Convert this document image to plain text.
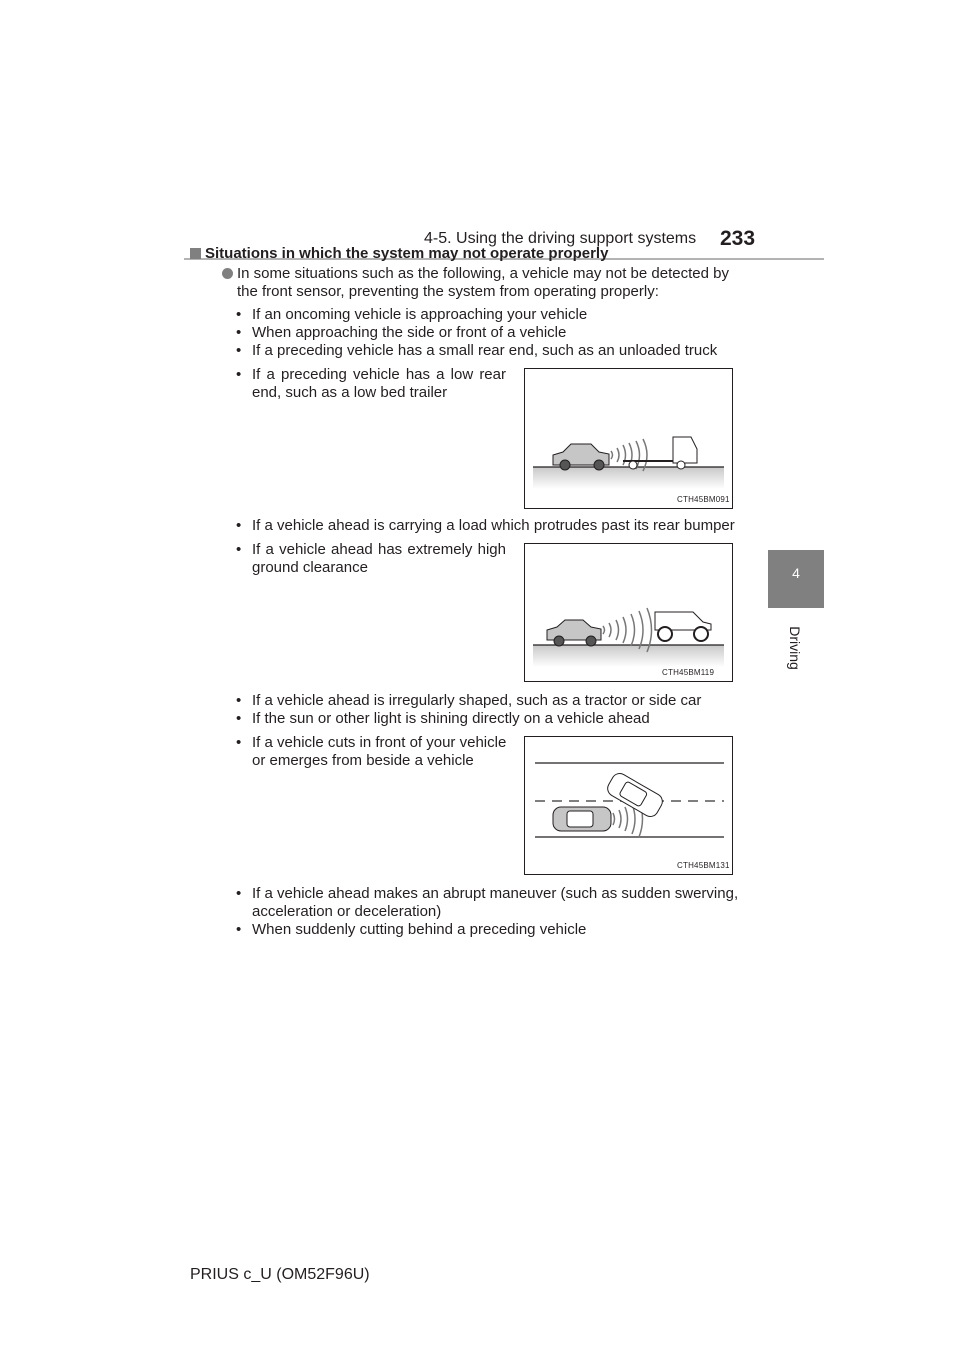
4-5. Using the driving support systems 233
4
Driving
Situations in which the system may not operate properly
In some situations such as the following, a vehicle may not be detected by
the front sensor, preventing the system from operating properly:
• If an oncoming vehicle is approaching your vehicle
• When approaching the side or front of a vehicle
• If a preceding vehicle has a small rear end, such as an unloaded truck
• If a preceding vehicle has a low rear
end, such as a low bed trailer
CTH45BM091
• If a vehicle ahead is carrying a load which protrudes past its rear bumper
• If a vehicle ahead has extremely high
ground clearance
CTH45BM119
• If a vehicle ahead is irregularly shaped, such as a tractor or side car
• If the sun or other light is shining directly on a vehicle ahead
• If a vehicle cuts in front of your vehicle
or emerges from beside a vehicle
CTH45BM131
• If a vehicle ahead makes an abrupt maneuver (such as sudden swerving,
acceleration or deceleration)
• When suddenly cutting behind a preceding vehicle
PRIUS c_U (OM52F96U)
